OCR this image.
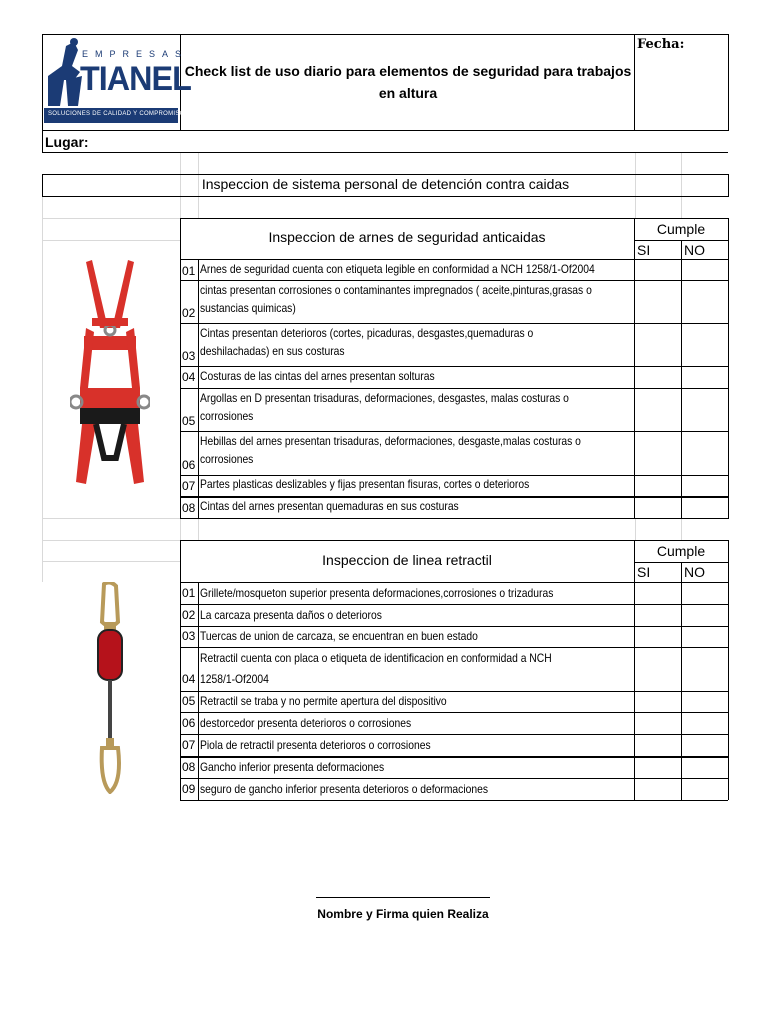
EMPRESAS
TIANEL
SOLUCIONES DE CALIDAD Y COMPROMISO
Check list de uso diario para elementos de seguridad para trabajos
en altura
Fecha:
Lugar:
Inspeccion de sistema personal de detención contra caidas
Inspeccion de arnes de seguridad anticaidas	Cumple
SI NO
01 Arnes de seguridad cuenta con etiqueta legible en conformidad a NCH 1258/1-Of2004
02
cintas presentan corrosiones o contaminantes impregnados ( aceite,pinturas,grasas o
sustancias quimicas)
03
Cintas presentan deterioros (cortes, picaduras, desgastes,quemaduras o
deshilachadas) en sus costuras
04 Costuras de las cintas del arnes presentan solturas
05
Argollas en D presentan trisaduras, deformaciones, desgastes, malas costuras o
corrosiones
06
Hebillas del arnes presentan trisaduras, deformaciones, desgaste,malas costuras o
corrosiones
07 Partes plasticas deslizables y fijas presentan fisuras, cortes o deterioros
08 Cintas del arnes presentan quemaduras en sus costuras
Inspeccion de linea retractil
Cumple
SI NO
01 Grillete/mosqueton superior presenta deformaciones,corrosiones o trizaduras
02 La carcaza presenta daños o deterioros
03 Tuercas de union de carcaza, se encuentran en buen estado
04
Retractil cuenta con placa o etiqueta de identificacion en conformidad a NCH
1258/1-Of2004
05 Retractil se traba y no permite apertura del dispositivo
06 destorcedor presenta deterioros o corrosiones
07 Piola de retractil presenta deterioros o corrosiones
08 Gancho inferior presenta deformaciones
09 seguro de gancho inferior presenta deterioros o deformaciones
Nombre y Firma quien Realiza
